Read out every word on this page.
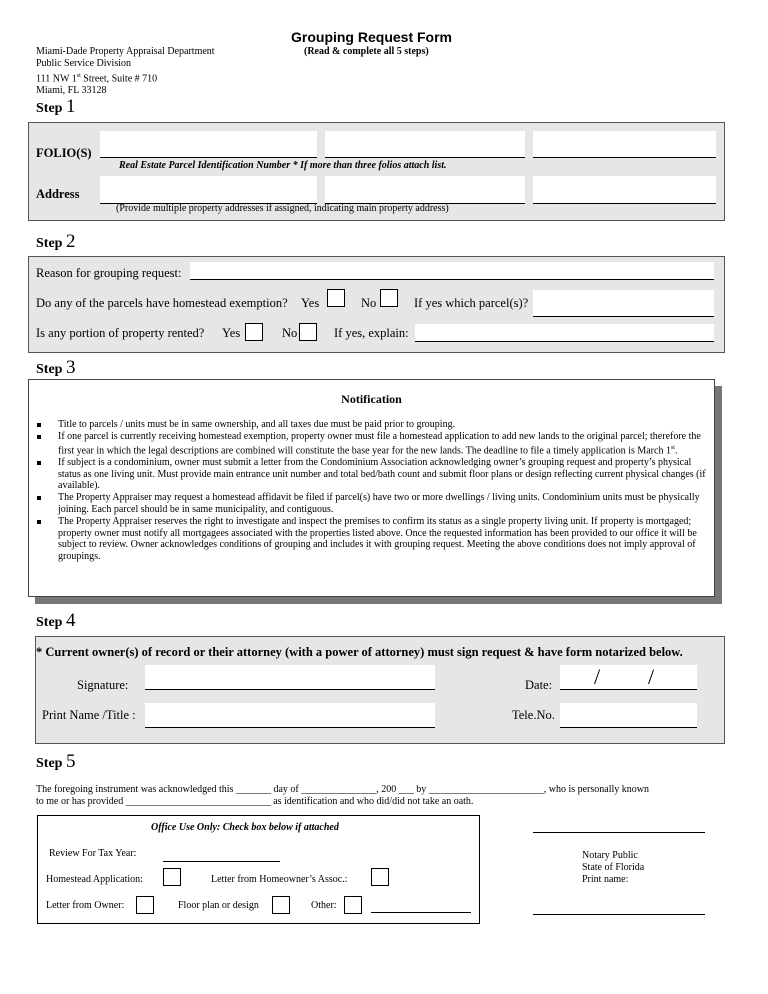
Grouping Request Form
(Read & complete all 5 steps)
Miami-Dade Property Appraisal Department
Public Service Division
111 NW 1st Street, Suite # 710
Miami, FL 33128
Step 1
FOLIO(S)
Real Estate Parcel Identification Number * If more than three folios attach list.
Address
(Provide multiple property addresses if assigned, indicating main property address)
Step 2
Reason for grouping request:
Do any of the parcels have homestead exemption? Yes	No	If yes which parcel(s)?
Is any portion of property rented? Yes	No	If yes, explain:
Step 3
Notification
Title to parcels / units must be in same ownership, and all taxes due must be paid prior to grouping.
If one parcel is currently receiving homestead exemption, property owner must file a homestead application to add new lands to the original parcel; therefore the first year in which the legal descriptions are combined will constitute the base year for the new lands. The deadline to file a timely application is March 1st.
If subject is a condominium, owner must submit a letter from the Condominium Association acknowledging owner’s grouping request and property’s physical status as one living unit. Must provide main entrance unit number and total bed/bath count and submit floor plans or design reflecting current physical changes (if available).
The Property Appraiser may request a homestead affidavit be filed if parcel(s) have two or more dwellings / living units. Condominium units must be physically joining. Each parcel should be in same municipality, and contiguous.
The Property Appraiser reserves the right to investigate and inspect the premises to confirm its status as a single property living unit. If property is mortgaged; property owner must notify all mortgagees associated with the properties listed above. Once the requested information has been provided to our office it will be subject to review. Owner acknowledges conditions of grouping and includes it with grouping request. Meeting the above conditions does not imply approval of groupings.
Step 4
* Current owner(s) of record or their attorney (with a power of attorney) must sign request & have form notarized below.
Signature:	Date: / /
Print Name /Title :	Tele.No.
Step 5
The foregoing instrument was acknowledged this _______ day of _______________, 200 ___ by _______________________, who is personally known
to me or has provided _____________________________ as identification and who did/did not take an oath.
Office Use Only: Check box below if attached
Review For Tax Year:
Homestead Application:	Letter from Homeowner’s Assoc.:
Letter from Owner:	Floor plan or design	Other:
Notary Public
State of Florida
Print name:
